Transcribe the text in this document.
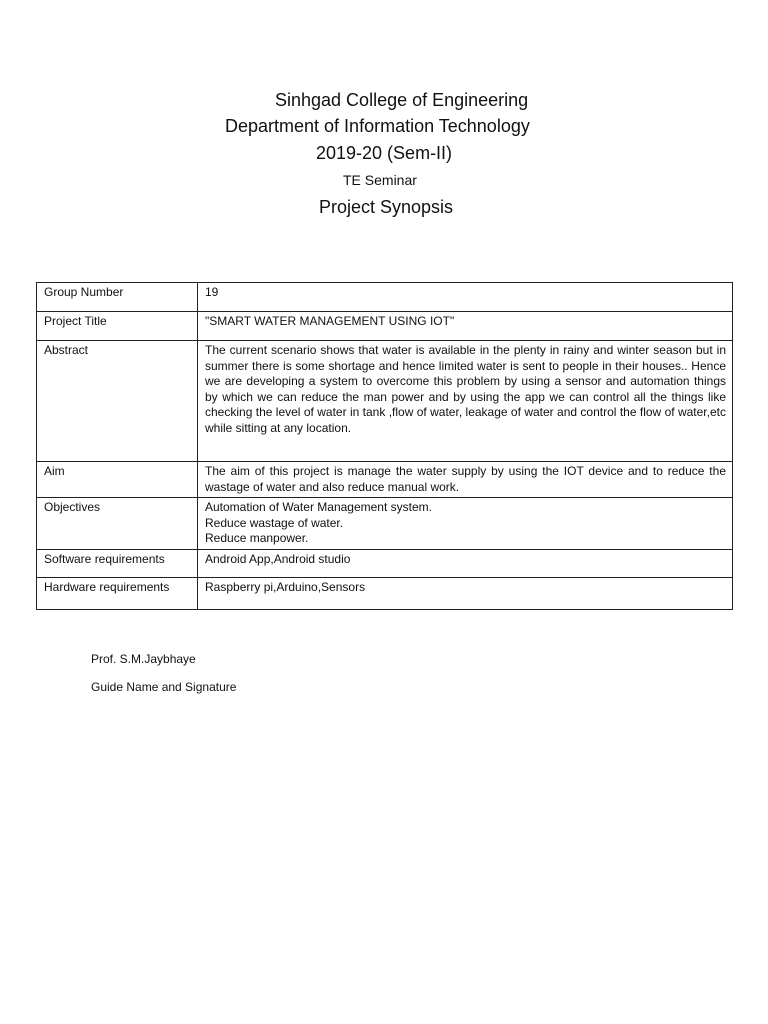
Sinhgad College of Engineering
Department of Information Technology
2019-20 (Sem-II)
TE Seminar
Project Synopsis
Group Number	19
Project Title	"SMART WATER MANAGEMENT USING IOT"
Abstract	The current scenario shows that water is available in the plenty in rainy and winter season but in summer there is some shortage and hence limited water is sent to people in their houses.. Hence we are developing a system to overcome this problem by using a sensor and automation things by which we can reduce the man power and by using the app we can control all the things like checking the level of water in tank ,flow of water, leakage of water and control the flow of water,etc while sitting at any location.
Aim	The aim of this project is manage the water supply by using the IOT device and to reduce the wastage of water and also reduce manual work.
Objectives	Automation of Water Management system.
Reduce wastage of water.
Reduce manpower.

Software requirements	Android App,Android studio
Hardware requirements	Raspberry pi,Arduino,Sensors
Prof. S.M.Jaybhaye
Guide Name and Signature
